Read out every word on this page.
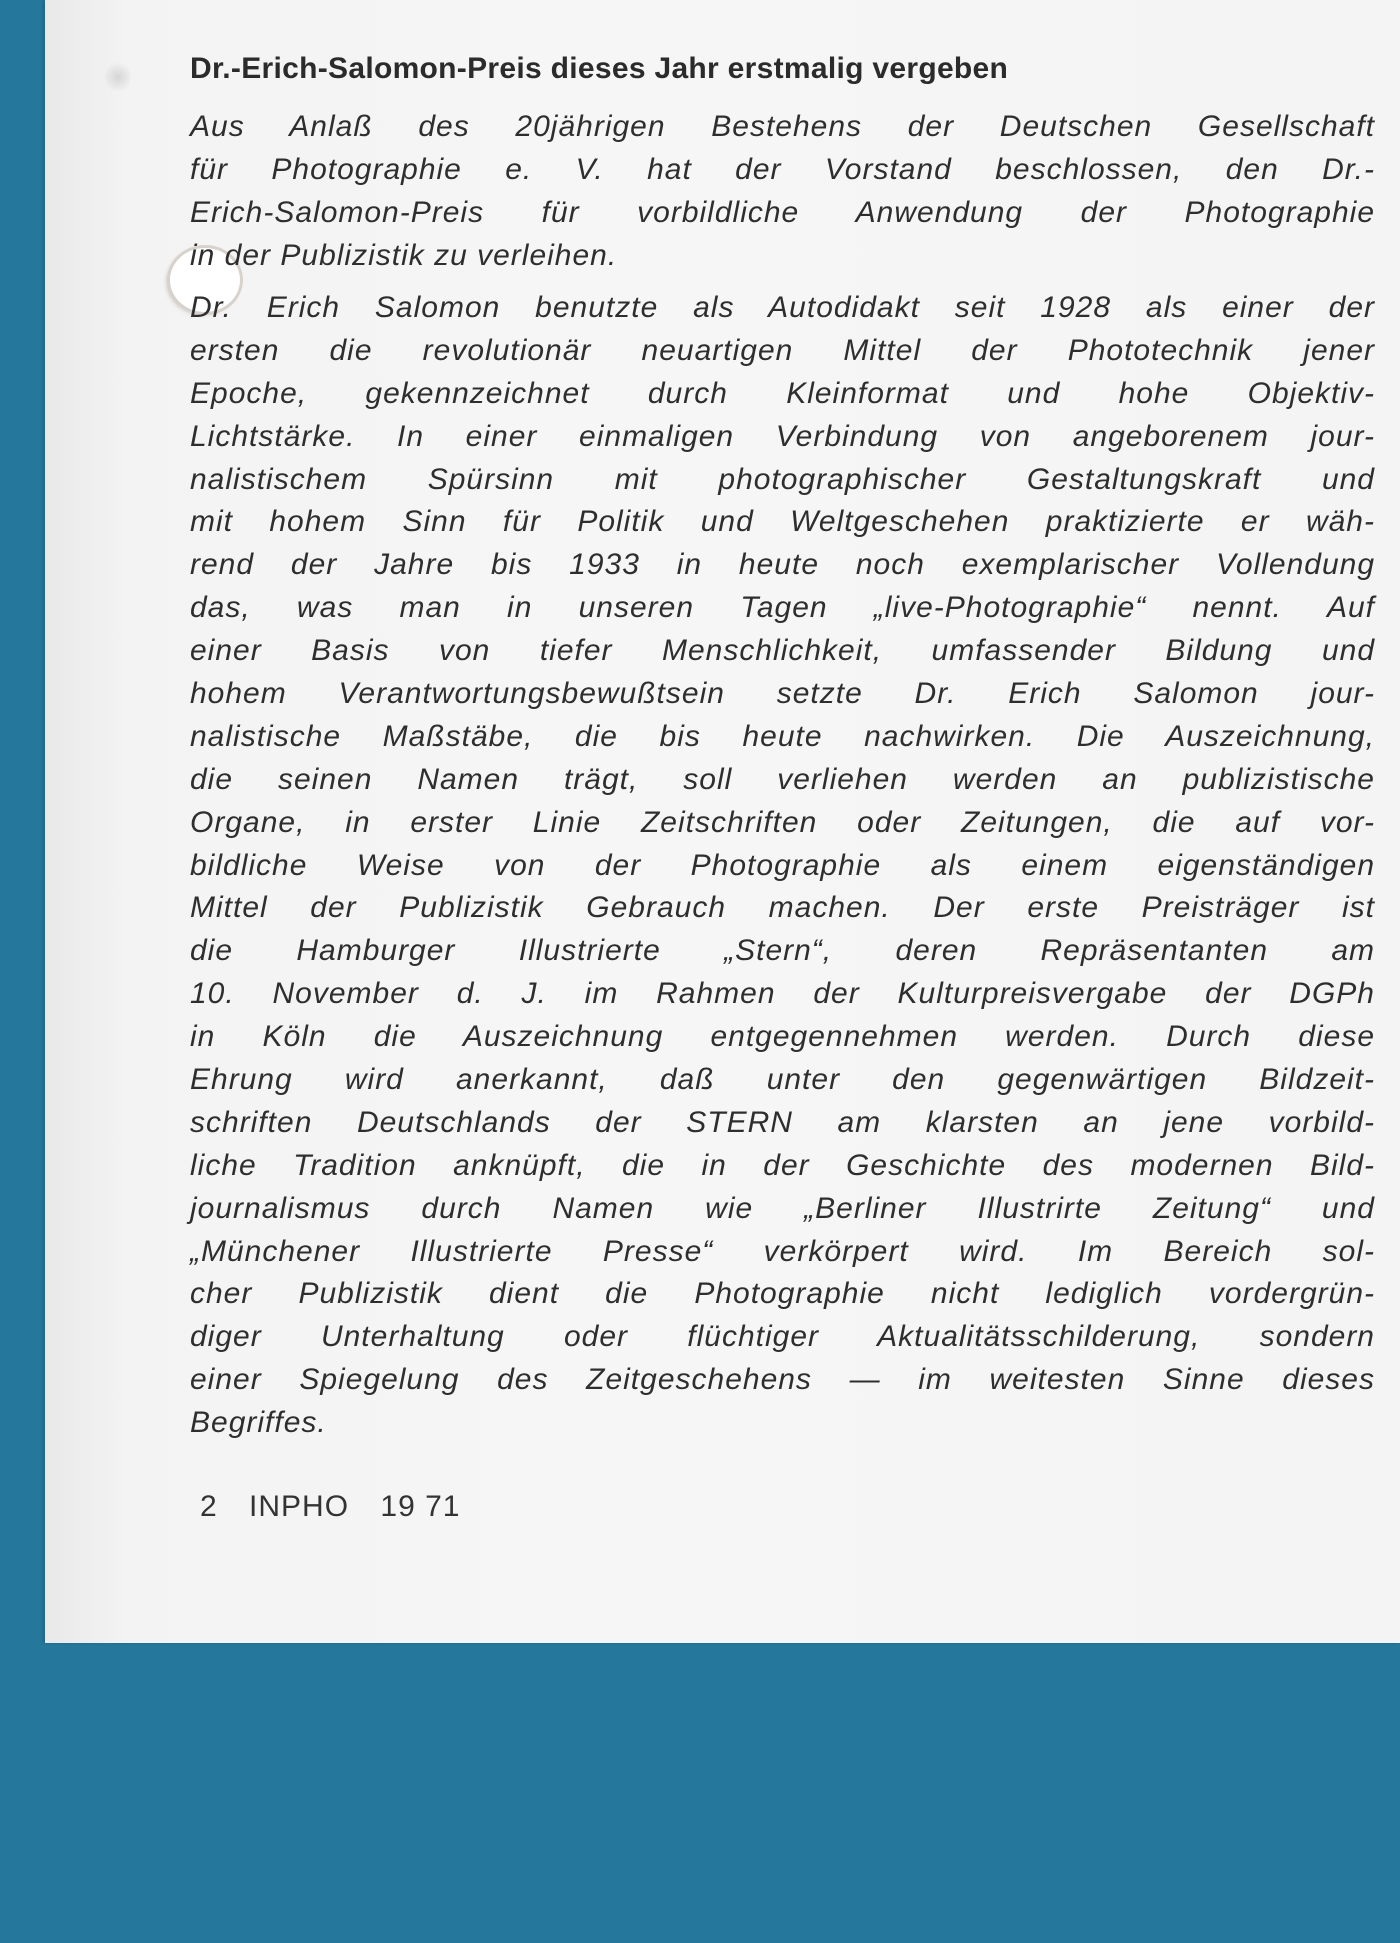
Dr.-Erich-Salomon-Preis dieses Jahr erstmalig vergeben
Aus Anlaß des 20jährigen Bestehens der Deutschen Gesellschaft
für Photographie e. V. hat der Vorstand beschlossen, den Dr.-
Erich-Salomon-Preis für vorbildliche Anwendung der Photographie
in der Publizistik zu verleihen.
Dr. Erich Salomon benutzte als Autodidakt seit 1928 als einer der
ersten die revolutionär neuartigen Mittel der Phototechnik jener
Epoche, gekennzeichnet durch Kleinformat und hohe Objektiv-
Lichtstärke. In einer einmaligen Verbindung von angeborenem jour-
nalistischem Spürsinn mit photographischer Gestaltungskraft und
mit hohem Sinn für Politik und Weltgeschehen praktizierte er wäh-
rend der Jahre bis 1933 in heute noch exemplarischer Vollendung
das, was man in unseren Tagen „live-Photographie“ nennt. Auf
einer Basis von tiefer Menschlichkeit, umfassender Bildung und
hohem Verantwortungsbewußtsein setzte Dr. Erich Salomon jour-
nalistische Maßstäbe, die bis heute nachwirken. Die Auszeichnung,
die seinen Namen trägt, soll verliehen werden an publizistische
Organe, in erster Linie Zeitschriften oder Zeitungen, die auf vor-
bildliche Weise von der Photographie als einem eigenständigen
Mittel der Publizistik Gebrauch machen. Der erste Preisträger ist
die Hamburger Illustrierte „Stern“, deren Repräsentanten am
10. November d. J. im Rahmen der Kulturpreisvergabe der DGPh
in Köln die Auszeichnung entgegennehmen werden. Durch diese
Ehrung wird anerkannt, daß unter den gegenwärtigen Bildzeit-
schriften Deutschlands der STERN am klarsten an jene vorbild-
liche Tradition anknüpft, die in der Geschichte des modernen Bild-
journalismus durch Namen wie „Berliner Illustrirte Zeitung“ und
„Münchener Illustrierte Presse“ verkörpert wird. Im Bereich sol-
cher Publizistik dient die Photographie nicht lediglich vordergrün-
diger Unterhaltung oder flüchtiger Aktualitätsschilderung, sondern
einer Spiegelung des Zeitgeschehens — im weitesten Sinne dieses
Begriffes.
2 INPHO 19 71
